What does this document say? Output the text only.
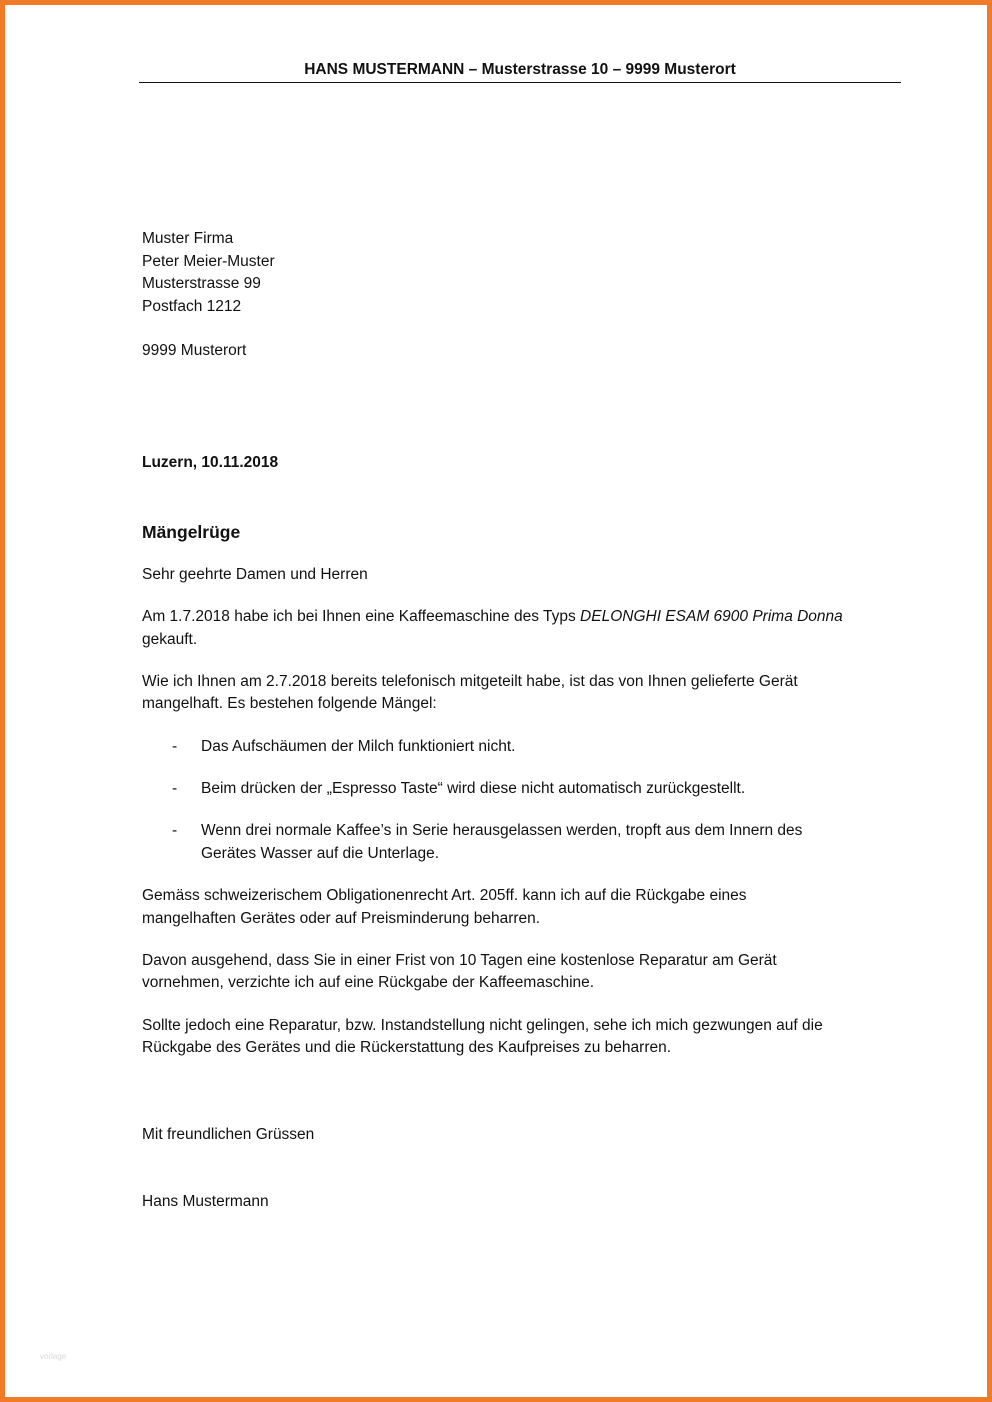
HANS MUSTERMANN – Musterstrasse 10 – 9999 Musterort
Muster Firma
Peter Meier-Muster
Musterstrasse 99
Postfach 1212
9999 Musterort
Luzern, 10.11.2018
Mängelrüge
Sehr geehrte Damen und Herren
Am 1.7.2018 habe ich bei Ihnen eine Kaffeemaschine des Typs DELONGHI ESAM 6900 Prima Donna
gekauft.
Wie ich Ihnen am 2.7.2018 bereits telefonisch mitgeteilt habe, ist das von Ihnen gelieferte Gerät
mangelhaft. Es bestehen folgende Mängel:
- Das Aufschäumen der Milch funktioniert nicht.
- Beim drücken der „Espresso Taste“ wird diese nicht automatisch zurückgestellt.
- Wenn drei normale Kaffee’s in Serie herausgelassen werden, tropft aus dem Innern des
Gerätes Wasser auf die Unterlage.
Gemäss schweizerischem Obligationenrecht Art. 205ff. kann ich auf die Rückgabe eines
mangelhaften Gerätes oder auf Preisminderung beharren.
Davon ausgehend, dass Sie in einer Frist von 10 Tagen eine kostenlose Reparatur am Gerät
vornehmen, verzichte ich auf eine Rückgabe der Kaffeemaschine.
Sollte jedoch eine Reparatur, bzw. Instandstellung nicht gelingen, sehe ich mich gezwungen auf die
Rückgabe des Gerätes und die Rückerstattung des Kaufpreises zu beharren.
Mit freundlichen Grüssen
Hans Mustermann
vorlage
